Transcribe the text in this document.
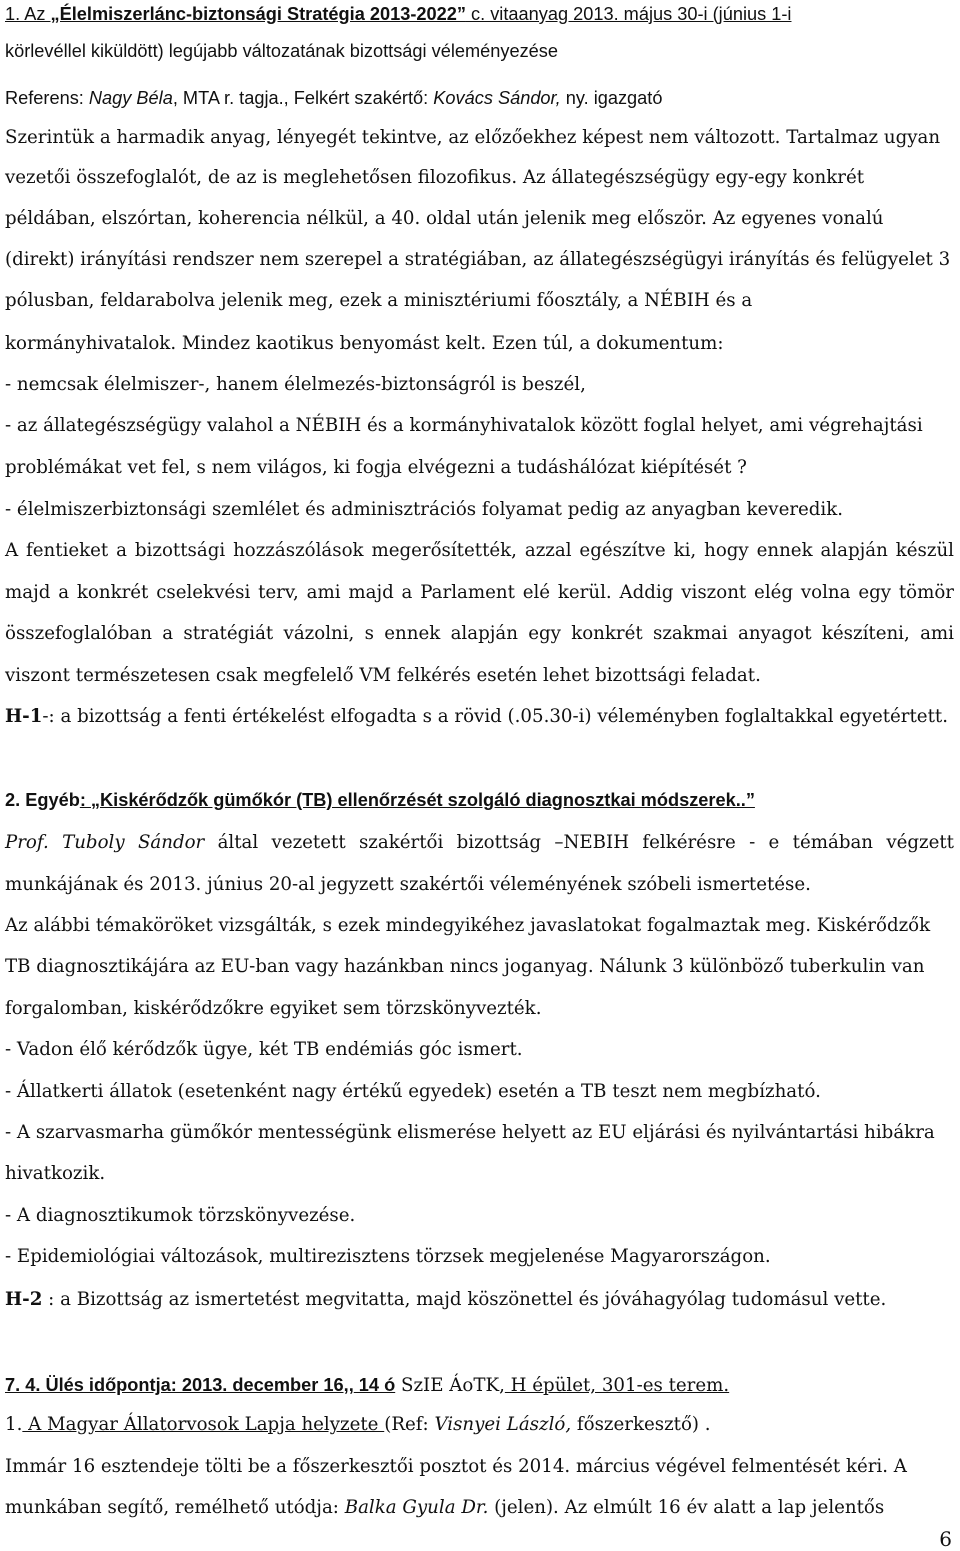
1. Az „Élelmiszerlánc-biztonsági Stratégia 2013-2022” c. vitaanyag 2013. május 30-i (június 1-i
körlevéllel kiküldött) legújabb változatának bizottsági véleményezése
Referens: Nagy Béla, MTA r. tagja., Felkért szakértő: Kovács Sándor, ny. igazgató
Szerintük a harmadik anyag, lényegét tekintve, az előzőekhez képest nem változott. Tartalmaz ugyan
vezetői összefoglalót, de az is meglehetősen filozofikus. Az állategészségügy egy-egy konkrét
példában, elszórtan, koherencia nélkül, a 40. oldal után jelenik meg először. Az egyenes vonalú
(direkt) irányítási rendszer nem szerepel a stratégiában, az állategészségügyi irányítás és felügyelet 3
pólusban, feldarabolva jelenik meg, ezek a minisztériumi főosztály, a NÉBIH és a
kormányhivatalok. Mindez kaotikus benyomást kelt. Ezen túl, a dokumentum:
- nemcsak élelmiszer-, hanem élelmezés-biztonságról is beszél,
- az állategészségügy valahol a NÉBIH és a kormányhivatalok között foglal helyet, ami végrehajtási
problémákat vet fel, s nem világos, ki fogja elvégezni a tudáshálózat kiépítését ?
- élelmiszerbiztonsági szemlélet és adminisztrációs folyamat pedig az anyagban keveredik.
A fentieket a bizottsági hozzászólások megerősítették, azzal egészítve ki, hogy ennek alapján készül
majd a konkrét cselekvési terv, ami majd a Parlament elé kerül. Addig viszont elég volna egy tömör
összefoglalóban a stratégiát vázolni, s ennek alapján egy konkrét szakmai anyagot készíteni, ami
viszont természetesen csak megfelelő VM felkérés esetén lehet bizottsági feladat.
H-1-: a bizottság a fenti értékelést elfogadta s a rövid (.05.30-i) véleményben foglaltakkal egyetértett.
2. Egyéb: „Kiskérődzők gümőkór (TB) ellenőrzését szolgáló diagnosztkai módszerek..”
Prof. Tuboly Sándor által vezetett szakértői bizottság –NEBIH felkérésre - e témában végzett
munkájának és 2013. június 20-al jegyzett szakértői véleményének szóbeli ismertetése.
Az alábbi témaköröket vizsgálták, s ezek mindegyikéhez javaslatokat fogalmaztak meg. Kiskérődzők
TB diagnosztikájára az EU-ban vagy hazánkban nincs joganyag. Nálunk 3 különböző tuberkulin van
forgalomban, kiskérődzőkre egyiket sem törzskönyvezték.
- Vadon élő kérődzők ügye, két TB endémiás góc ismert.
- Állatkerti állatok (esetenként nagy értékű egyedek) esetén a TB teszt nem megbízható.
- A szarvasmarha gümőkór mentességünk elismerése helyett az EU eljárási és nyilvántartási hibákra
hivatkozik.
- A diagnosztikumok törzskönyvezése.
- Epidemiológiai változások, multirezisztens törzsek megjelenése Magyarországon.
H-2 : a Bizottság az ismertetést megvitatta, majd köszönettel és jóváhagyólag tudomásul vette.
7. 4. Ülés időpontja: 2013. december 16,, 14 ó SzIE ÁoTK, H épület, 301-es terem.
1. A Magyar Állatorvosok Lapja helyzete (Ref: Visnyei László, főszerkesztő) .
Immár 16 esztendeje tölti be a főszerkesztői posztot és 2014. március végével felmentését kéri. A
munkában segítő, remélhető utódja: Balka Gyula Dr. (jelen). Az elmúlt 16 év alatt a lap jelentős
6
